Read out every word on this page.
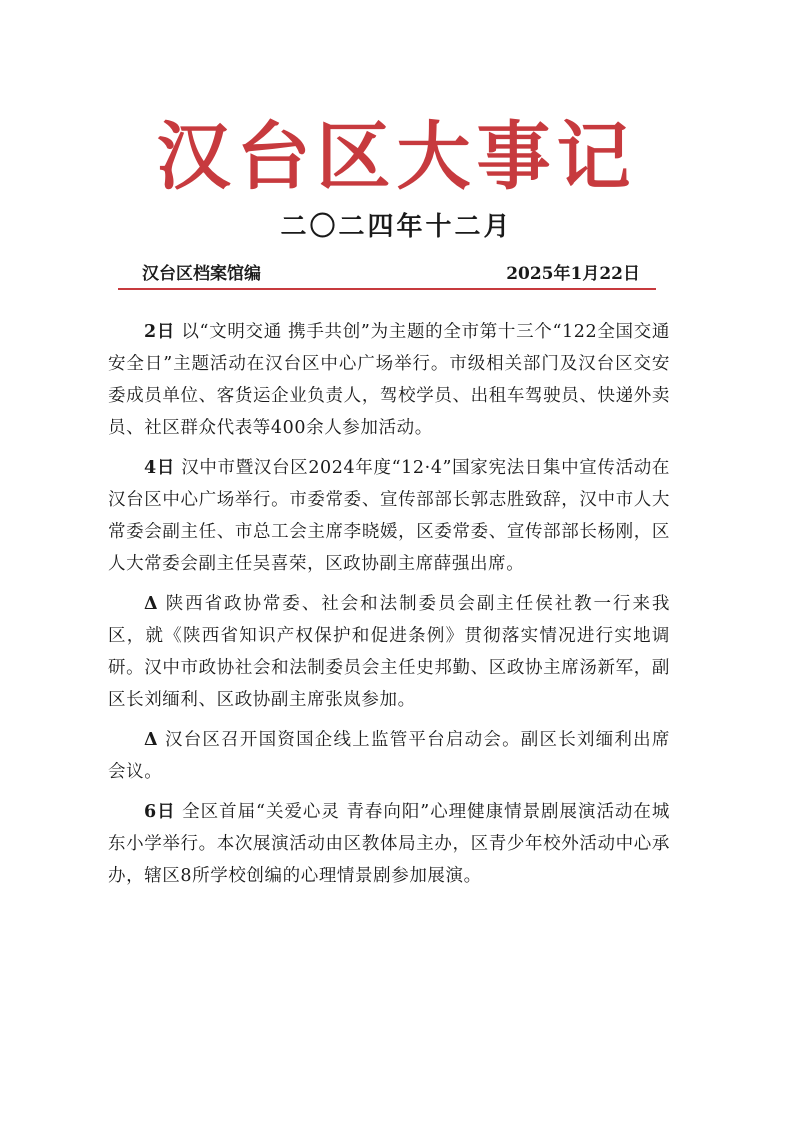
汉台区大事记
二〇二四年十二月
汉台区档案馆编	2025年1月22日

2日 以“文明交通 携手共创”为主题的全市第十三个“122全国交通安全日”主题活动在汉台区中心广场举行。市级相关部门及汉台区交安委成员单位、客货运企业负责人，驾校学员、出租车驾驶员、快递外卖员、社区群众代表等400余人参加活动。

4日 汉中市暨汉台区2024年度“12·4”国家宪法日集中宣传活动在汉台区中心广场举行。市委常委、宣传部部长郭志胜致辞，汉中市人大常委会副主任、市总工会主席李晓媛，区委常委、宣传部部长杨刚，区人大常委会副主任吴喜荣，区政协副主席薛强出席。

Δ 陕西省政协常委、社会和法制委员会副主任侯社教一行来我区，就《陕西省知识产权保护和促进条例》贯彻落实情况进行实地调研。汉中市政协社会和法制委员会主任史邦勤、区政协主席汤新军，副区长刘缅利、区政协副主席张岚参加。

Δ 汉台区召开国资国企线上监管平台启动会。副区长刘缅利出席会议。

6日 全区首届“关爱心灵 青春向阳”心理健康情景剧展演活动在城东小学举行。本次展演活动由区教体局主办，区青少年校外活动中心承办，辖区8所学校创编的心理情景剧参加展演。
